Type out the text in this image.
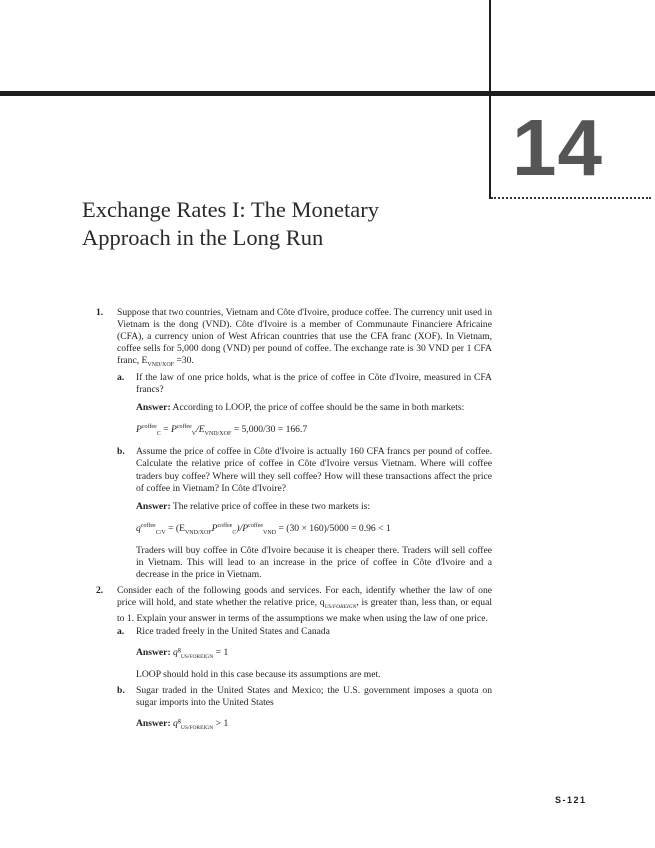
14
Exchange Rates I: The Monetary
Approach in the Long Run
1. Suppose that two countries, Vietnam and Côte d'Ivoire, produce coffee. The currency unit used in Vietnam is the dong (VND). Côte d'Ivoire is a member of Communaute Financiere Africaine (CFA), a currency union of West African countries that use the CFA franc (XOF). In Vietnam, coffee sells for 5,000 dong (VND) per pound of coffee. The exchange rate is 30 VND per 1 CFA franc, $E_{VND/XOF} =30$.
a. If the law of one price holds, what is the price of coffee in Côte d'Ivoire, measured in CFA francs?
Answer: According to LOOP, the price of coffee should be the same in both markets:
$P^{coffee}_C = P^{coffee}_V/E_{VND/XOF} = 5,000/30 = 166.7$
b. Assume the price of coffee in Côte d'Ivoire is actually 160 CFA francs per pound of coffee. Calculate the relative price of coffee in Côte d'Ivoire versus Vietnam. Where will coffee traders buy coffee? Where will they sell coffee? How will these transactions affect the price of coffee in Vietnam? In Côte d'Ivoire?
Answer: The relative price of coffee in these two markets is:
$q^{coffee}_{C/V} = (E_{VND/XOF}P^{coffee}_C)/P^{coffee}_{VND} = (30 \times 160)/5000 = 0.96 < 1$
Traders will buy coffee in Côte d'Ivoire because it is cheaper there. Traders will sell coffee in Vietnam. This will lead to an increase in the price of coffee in Côte d'Ivoire and a decrease in the price in Vietnam.
2. Consider each of the following goods and services. For each, identify whether the law of one price will hold, and state whether the relative price, $q_{US/FOREIGN}$, is greater than, less than, or equal to 1. Explain your answer in terms of the assumptions we make when using the law of one price.
a. Rice traded freely in the United States and Canada
Answer: $q^g_{US/FOREIGN} = 1$
LOOP should hold in this case because its assumptions are met.
b. Sugar traded in the United States and Mexico; the U.S. government imposes a quota on sugar imports into the United States
Answer: $q^g_{US/FOREIGN} > 1$
S-121
